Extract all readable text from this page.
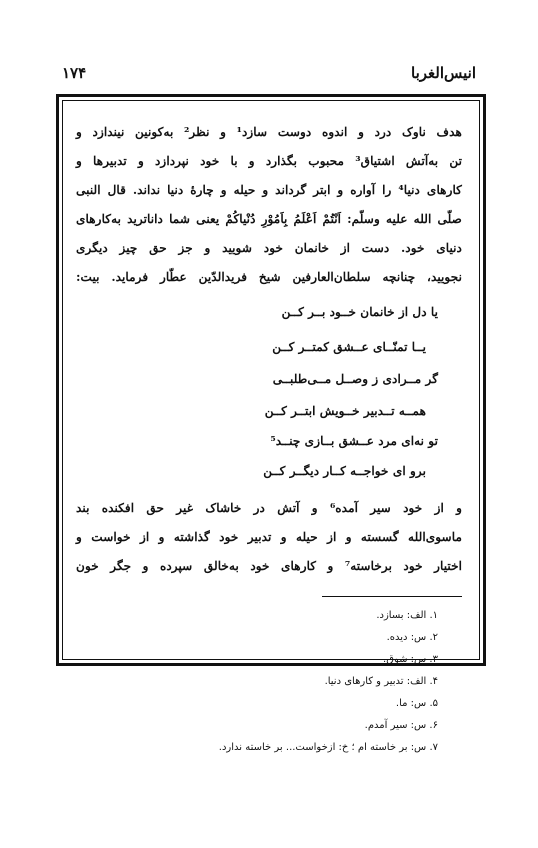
انیس‌الغربا
۱۷۴

هدف ناوک درد و اندوه دوست سازد¹ و نظر² به‌کونین نیندازد و

تن به‌آتش اشتیاق³ محبوب بگذارد و با خود نپردازد و تدبیرها و

کارهای دنیا⁴ را آواره و ابتر گرداند و حیله و چارهٔ دنیا نداند. قال النبی

صلّی الله علیه وسلّم: اَنْتُمْ اَعْلَمُ بِاَمُوْرِ دُنْیاکُمْ یعنی شما داناترید به‌کارهای

دنیای خود. دست از خانمان خود شویید و جز حق چیز دیگری

نجویید، چنانچه سلطان‌العارفین شیخ فریدالدّین عطّار فرماید. بیت:

یا دل از خانمان خــود بــر کــن
یــا تمنّــای عــشق کمتــر کــن
گر مــرادی ز وصــل مــی‌طلبــی
همــه تــدبیر خــویش ابتــر کــن
تو نه‌ای مرد عــشق بــازی چنــد⁵
برو ای خواجــه کــار دیگــر کــن

و از خود سیر آمده⁶ و آتش در خاشاک غیر حق افکنده بند

ماسوی‌الله گسسته و از حیله و تدبیر خود گذاشته و از خواست و

اختیار خود برخاسته⁷ و کارهای خود به‌خالق سپرده و جگر خون

۱. الف: بسازد.
۲. س: دیده.
۳. س: شوق.
۴. الف: تدبیر و کارهای دنیا.
۵. س: ما.
۶. س: سیر آمدم.
۷. س: بر خاسته ام ؛ خ: ازخواست... بر خاسته ندارد.
